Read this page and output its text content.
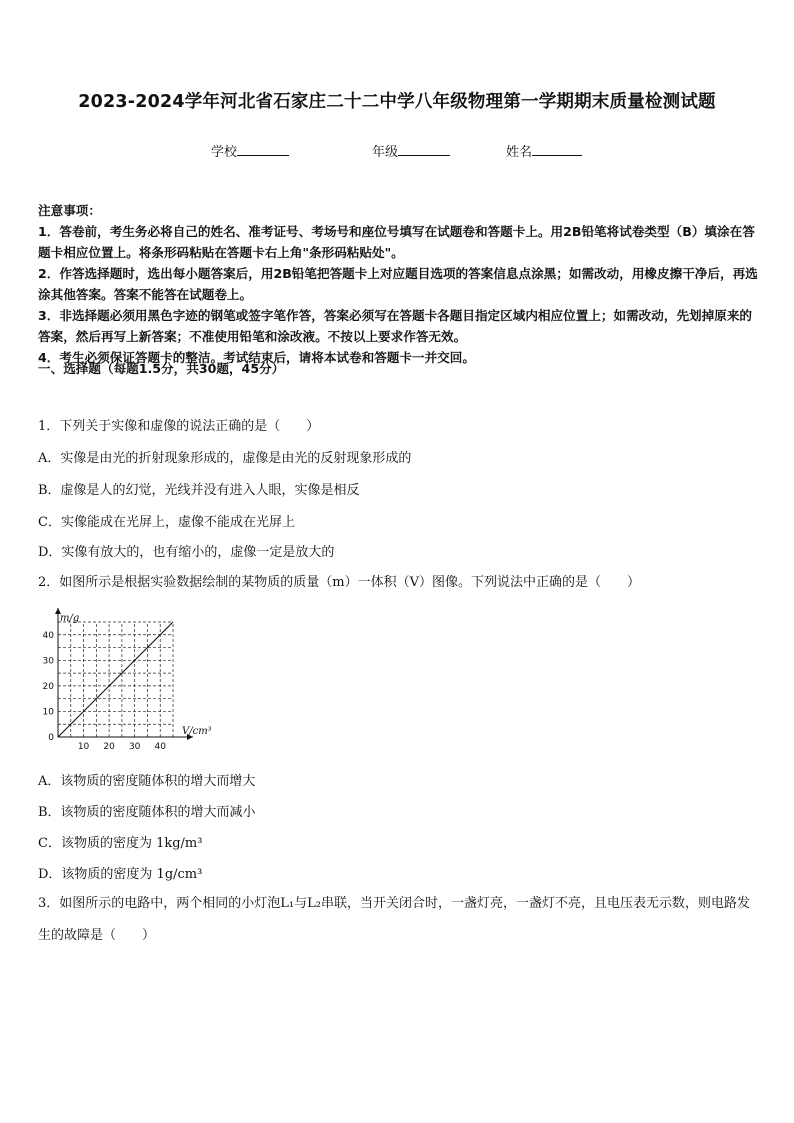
2023-2024学年河北省石家庄二十二中学八年级物理第一学期期末质量检测试题
学校	年级	姓名

注意事项：

1．答卷前，考生务必将自己的姓名、准考证号、考场号和座位号填写在试题卷和答题卡上。用2B铅笔将试卷类型（B）填涂在答题卡相应位置上。将条形码粘贴在答题卡右上角"条形码粘贴处"。

2．作答选择题时，选出每小题答案后，用2B铅笔把答题卡上对应题目选项的答案信息点涂黑；如需改动，用橡皮擦干净后，再选涂其他答案。答案不能答在试题卷上。

3．非选择题必须用黑色字迹的钢笔或签字笔作答，答案必须写在答题卡各题目指定区域内相应位置上；如需改动，先划掉原来的答案，然后再写上新答案；不准使用铅笔和涂改液。不按以上要求作答无效。

4．考生必须保证答题卡的整洁。考试结束后，请将本试卷和答题卡一并交回。

一、选择题（每题1.5分，共30题，45分）
1．下列关于实像和虚像的说法正确的是（　　）
A．实像是由光的折射现象形成的，虚像是由光的反射现象形成的
B．虚像是人的幻觉，光线并没有进入人眼，实像是相反
C．实像能成在光屏上，虚像不能成在光屏上
D．实像有放大的，也有缩小的，虚像一定是放大的
2．如图所示是根据实验数据绘制的某物质的质量（m）一体积（V）图像。下列说法中正确的是（　　）
10 20 30 40
0
10
20
30
40
m/g
V/cm³
A．该物质的密度随体积的增大而增大
B．该物质的密度随体积的增大而减小
C．该物质的密度为 1kg/m³
D．该物质的密度为 1g/cm³
3．如图所示的电路中，两个相同的小灯泡L₁与L₂串联，当开关闭合时，一盏灯亮，一盏灯不亮，且电压表无示数，则电路发生的故障是（　　）
